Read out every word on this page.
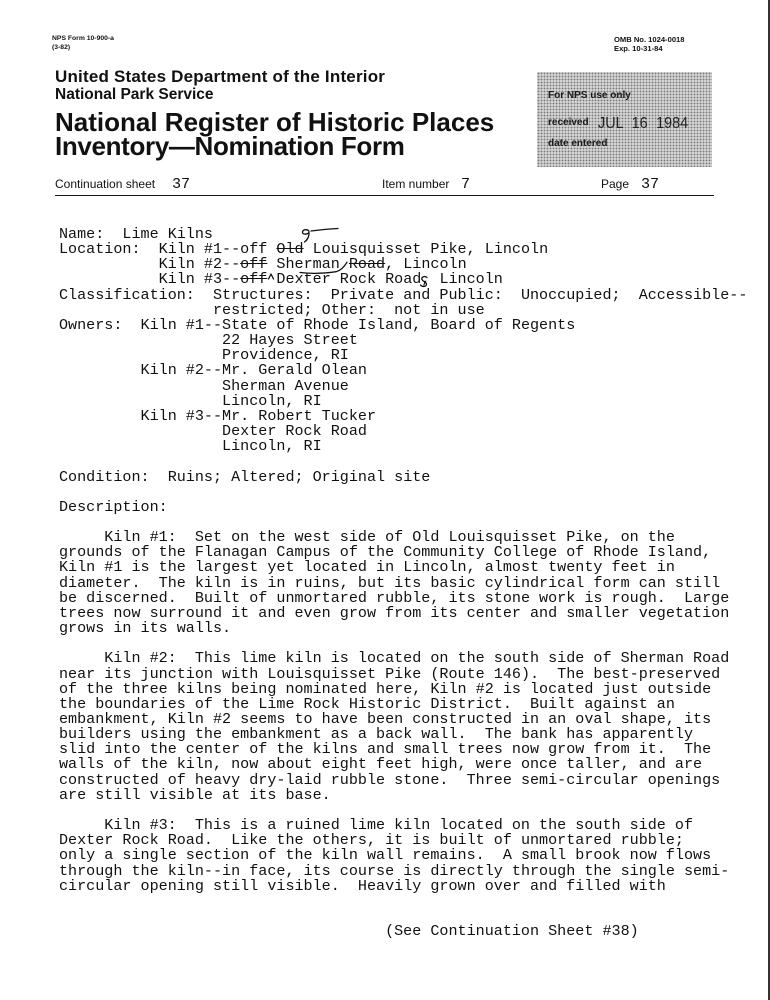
NPS Form 10-900-a
(3-82)
OMB No. 1024-0018
Exp. 10-31-84
United States Department of the Interior
National Park Service
National Register of Historic Places
Inventory—Nomination Form
For NPS use only
received JUL 16 1984
date entered
Continuation sheet 37	Item number 7	Page 37
Name:  Lime Kilns
Location:  Kiln #1--off Old Louisquisset Pike, Lincoln
Kiln #2--off Sherman Road, Lincoln
Kiln #3--off Dexter Rock Road, Lincoln
Classification:  Structures:  Private and Public:  Unoccupied;  Accessible--
restricted; Other:  not in use
Owners:  Kiln #1--State of Rhode Island, Board of Regents
22 Hayes Street
Providence, RI
Kiln #2--Mr. Gerald Olean
Sherman Avenue
Lincoln, RI
Kiln #3--Mr. Robert Tucker
Dexter Rock Road
Lincoln, RI
Condition:  Ruins; Altered; Original site
Description:
Kiln #1:  Set on the west side of Old Louisquisset Pike, on the
grounds of the Flanagan Campus of the Community College of Rhode Island,
Kiln #1 is the largest yet located in Lincoln, almost twenty feet in
diameter.  The kiln is in ruins, but its basic cylindrical form can still
be discerned.  Built of unmortared rubble, its stone work is rough.  Large
trees now surround it and even grow from its center and smaller vegetation
grows in its walls.
Kiln #2:  This lime kiln is located on the south side of Sherman Road
near its junction with Louisquisset Pike (Route 146).  The best-preserved
of the three kilns being nominated here, Kiln #2 is located just outside
the boundaries of the Lime Rock Historic District.  Built against an
embankment, Kiln #2 seems to have been constructed in an oval shape, its
builders using the embankment as a back wall.  The bank has apparently
slid into the center of the kilns and small trees now grow from it.  The
walls of the kiln, now about eight feet high, were once taller, and are
constructed of heavy dry-laid rubble stone.  Three semi-circular openings
are still visible at its base.
Kiln #3:  This is a ruined lime kiln located on the south side of
Dexter Rock Road.  Like the others, it is built of unmortared rubble;
only a single section of the kiln wall remains.  A small brook now flows
through the kiln--in face, its course is directly through the single semi-
circular opening still visible.  Heavily grown over and filled with
(See Continuation Sheet #38)
